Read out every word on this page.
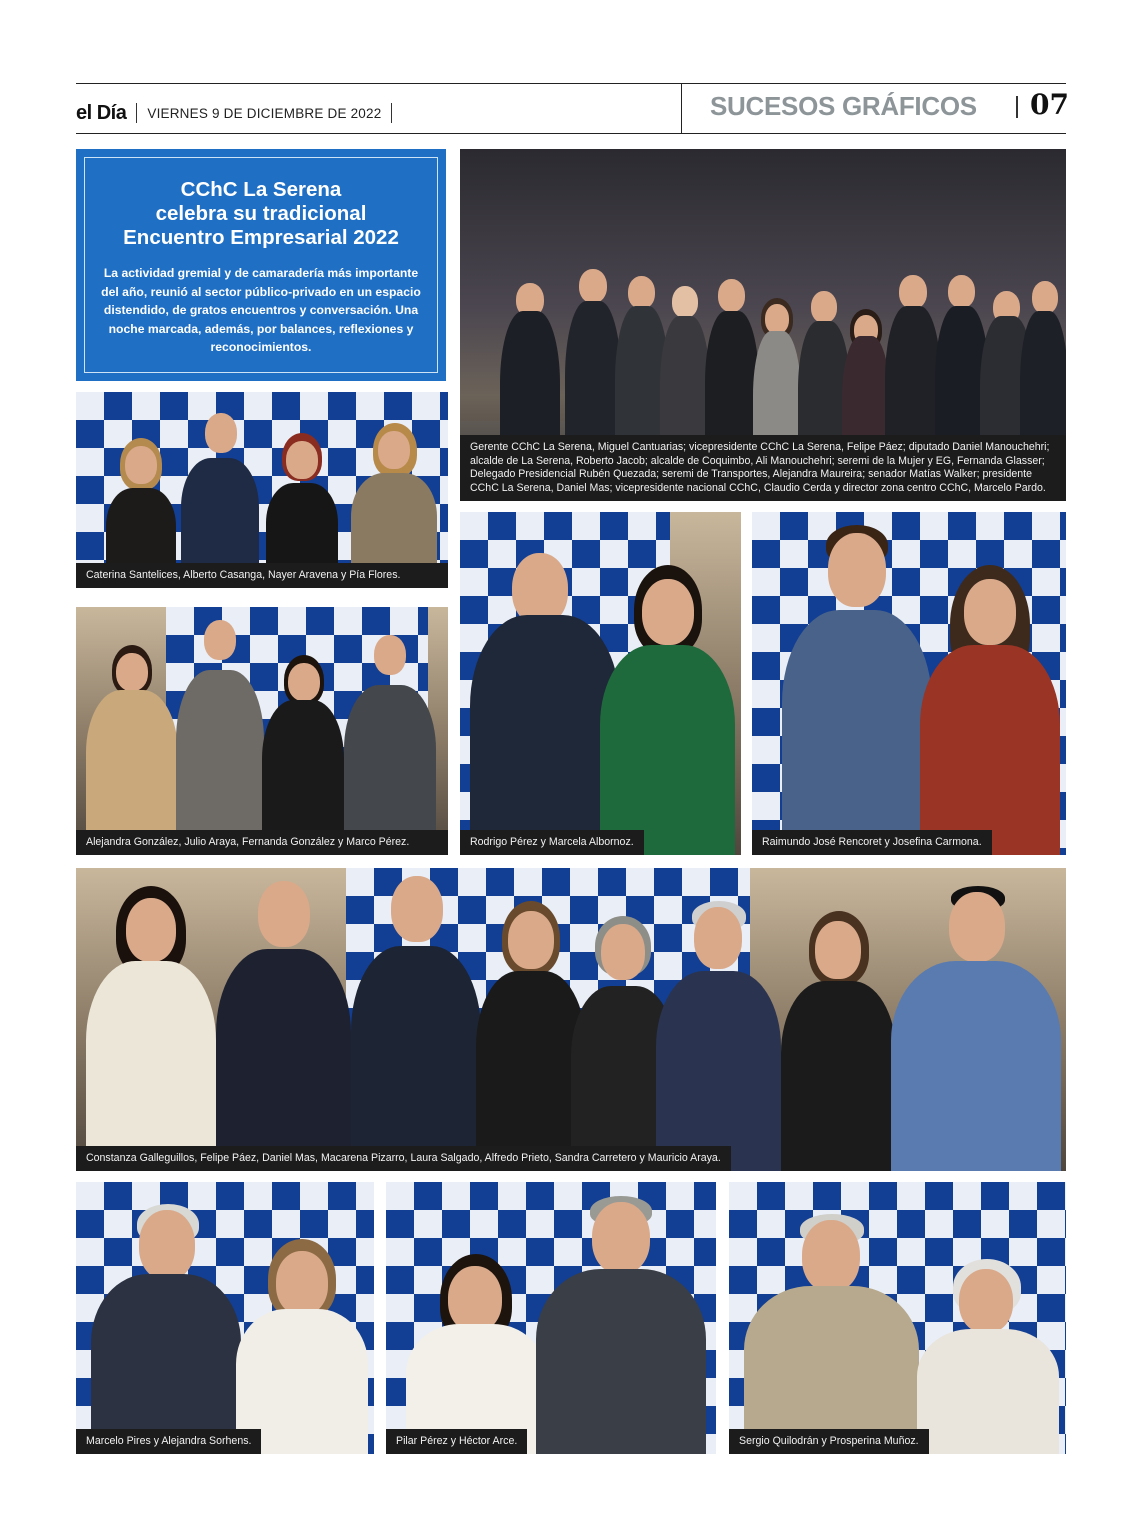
el Día VIERNES 9 DE DICIEMBRE DE 2022	SUCESOS GRÁFICOS 07
CChC La Serena
celebra su tradicional
Encuentro Empresarial 2022

La actividad gremial y de camaradería más importante del año, reunió al sector público-privado en un espacio distendido, de gratos encuentros y conversación. Una noche marcada, además, por balances, reflexiones y reconocimientos.

Gerente CChC La Serena, Miguel Cantuarias; vicepresidente CChC La Serena, Felipe Páez; diputado Daniel Manouchehri; alcalde de La Serena, Roberto Jacob; alcalde de Coquimbo, Ali Manouchehri; seremi de la Mujer y EG, Fernanda Glasser; Delegado Presidencial Rubén Quezada; seremi de Transportes, Alejandra Maureira; senador Matías Walker; presidente CChC La Serena, Daniel Mas; vicepresidente nacional CChC, Claudio Cerda y director zona centro CChC, Marcelo Pardo.
Caterina Santelices, Alberto Casanga, Nayer Aravena y Pía Flores.
Alejandra González, Julio Araya, Fernanda González y Marco Pérez.	Rodrigo Pérez y Marcela Albornoz.	Raimundo José Rencoret y Josefina Carmona.
Constanza Galleguillos, Felipe Páez, Daniel Mas, Macarena Pizarro, Laura Salgado, Alfredo Prieto, Sandra Carretero y Mauricio Araya.
Marcelo Pires y Alejandra Sorhens.	Pilar Pérez y Héctor Arce.	Sergio Quilodrán y Prosperina Muñoz.
